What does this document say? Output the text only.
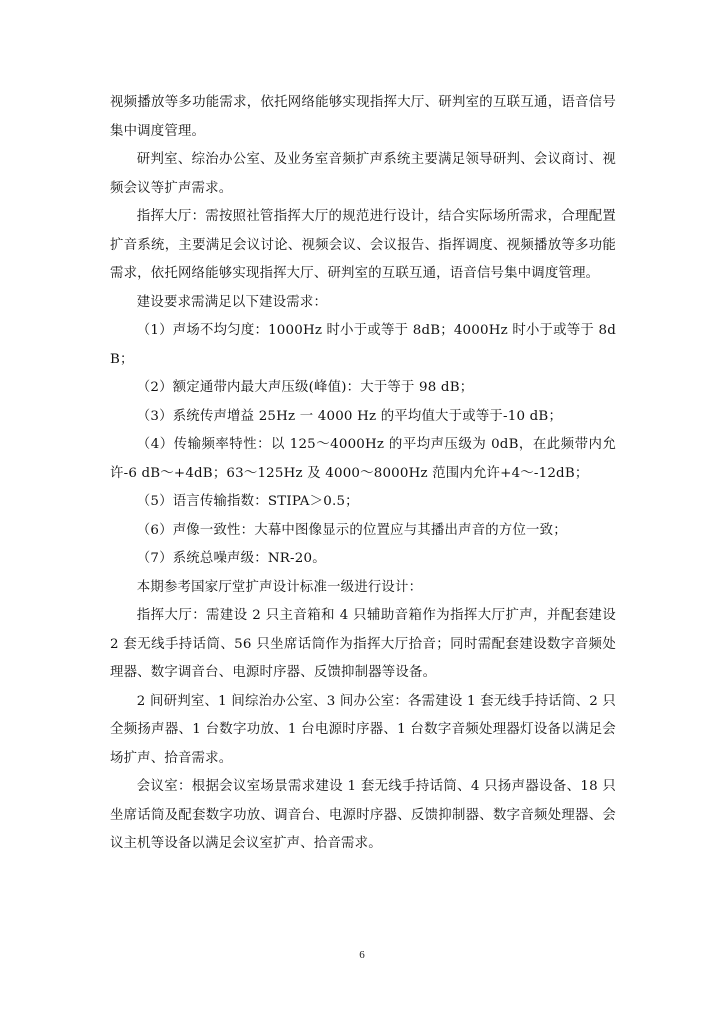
视频播放等多功能需求，依托网络能够实现指挥大厅、研判室的互联互通，语音信号集中调度管理。

研判室、综治办公室、及业务室音频扩声系统主要满足领导研判、会议商讨、视频会议等扩声需求。

指挥大厅：需按照社管指挥大厅的规范进行设计，结合实际场所需求，合理配置扩音系统，主要满足会议讨论、视频会议、会议报告、指挥调度、视频播放等多功能需求，依托网络能够实现指挥大厅、研判室的互联互通，语音信号集中调度管理。

建设要求需满足以下建设需求：

（1）声场不均匀度：1000Hz 时小于或等于 8dB；4000Hz 时小于或等于 8dB；

（2）额定通带内最大声压级(峰值)：大于等于 98 dB；

（3）系统传声增益 25Hz 一 4000 Hz 的平均值大于或等于-10 dB；

（4）传输频率特性：以 125～4000Hz 的平均声压级为 0dB，在此频带内允许-6 dB～+4dB；63～125Hz 及 4000～8000Hz 范围内允许+4～-12dB；

（5）语言传输指数：STIPA＞0.5；

（6）声像一致性：大幕中图像显示的位置应与其播出声音的方位一致；

（7）系统总噪声级：NR-20。

本期参考国家厅堂扩声设计标准一级进行设计：

指挥大厅：需建设 2 只主音箱和 4 只辅助音箱作为指挥大厅扩声，并配套建设 2 套无线手持话筒、56 只坐席话筒作为指挥大厅拾音；同时需配套建设数字音频处理器、数字调音台、电源时序器、反馈抑制器等设备。

2 间研判室、1 间综治办公室、3 间办公室：各需建设 1 套无线手持话筒、2 只全频扬声器、1 台数字功放、1 台电源时序器、1 台数字音频处理器灯设备以满足会场扩声、拾音需求。

会议室：根据会议室场景需求建设 1 套无线手持话筒、4 只扬声器设备、18 只坐席话筒及配套数字功放、调音台、电源时序器、反馈抑制器、数字音频处理器、会议主机等设备以满足会议室扩声、拾音需求。

6
